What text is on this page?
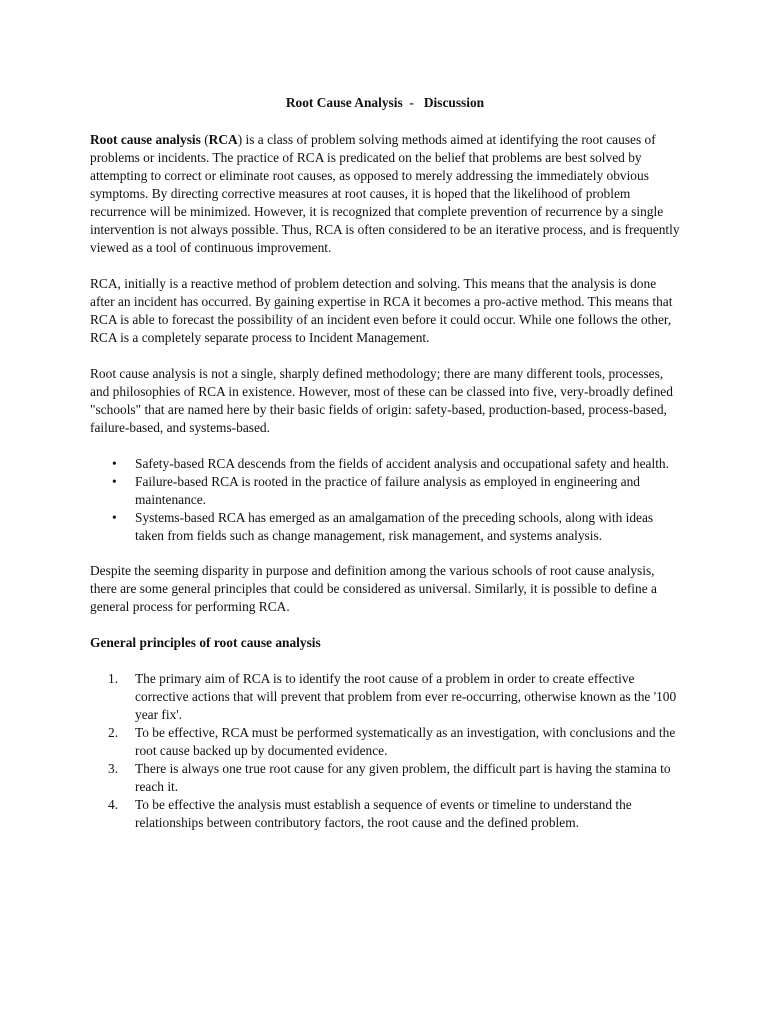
Root Cause Analysis  -   Discussion

Root cause analysis (RCA) is a class of problem solving methods aimed at identifying the root causes of problems or incidents. The practice of RCA is predicated on the belief that problems are best solved by attempting to correct or eliminate root causes, as opposed to merely addressing the immediately obvious symptoms. By directing corrective measures at root causes, it is hoped that the likelihood of problem recurrence will be minimized. However, it is recognized that complete prevention of recurrence by a single intervention is not always possible. Thus, RCA is often considered to be an iterative process, and is frequently viewed as a tool of continuous improvement.

RCA, initially is a reactive method of problem detection and solving. This means that the analysis is done after an incident has occurred. By gaining expertise in RCA it becomes a pro-active method. This means that RCA is able to forecast the possibility of an incident even before it could occur. While one follows the other, RCA is a completely separate process to Incident Management.

Root cause analysis is not a single, sharply defined methodology; there are many different tools, processes, and philosophies of RCA in existence. However, most of these can be classed into five, very-broadly defined "schools" that are named here by their basic fields of origin: safety-based, production-based, process-based, failure-based, and systems-based.

• Safety-based RCA descends from the fields of accident analysis and occupational safety and health.
• Failure-based RCA is rooted in the practice of failure analysis as employed in engineering and maintenance.
• Systems-based RCA has emerged as an amalgamation of the preceding schools, along with ideas taken from fields such as change management, risk management, and systems analysis.

Despite the seeming disparity in purpose and definition among the various schools of root cause analysis, there are some general principles that could be considered as universal. Similarly, it is possible to define a general process for performing RCA.

General principles of root cause analysis
1. The primary aim of RCA is to identify the root cause of a problem in order to create effective corrective actions that will prevent that problem from ever re-occurring, otherwise known as the '100 year fix'.
2. To be effective, RCA must be performed systematically as an investigation, with conclusions and the root cause backed up by documented evidence.
3. There is always one true root cause for any given problem, the difficult part is having the stamina to reach it.
4. To be effective the analysis must establish a sequence of events or timeline to understand the relationships between contributory factors, the root cause and the defined problem.
